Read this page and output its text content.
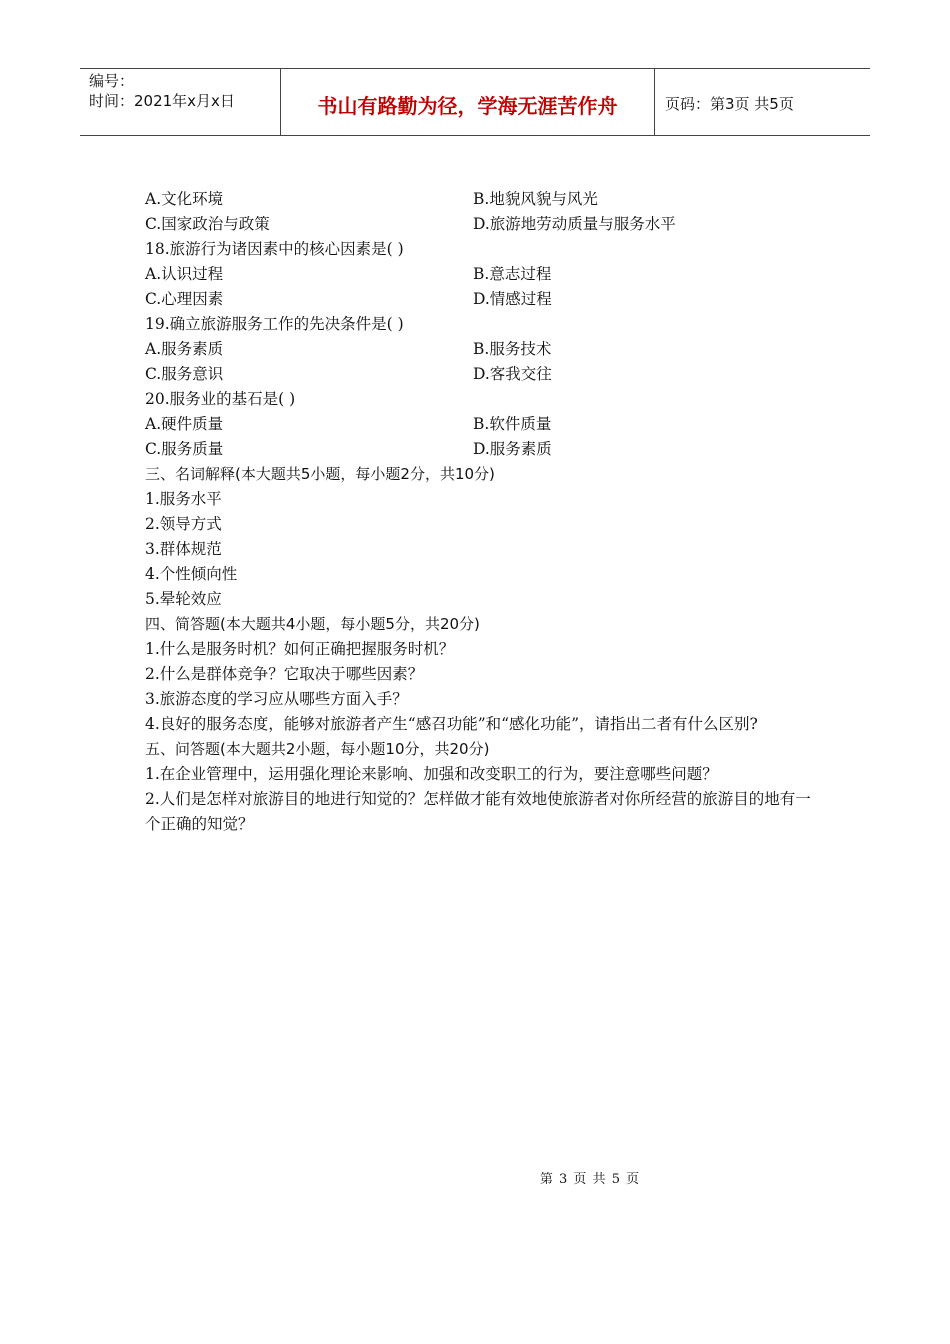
编号：
时间：2021年x月x日	书山有路勤为径，学海无涯苦作舟	页码：第3页 共5页
A.文化环境	B.地貌风貌与风光
C.国家政治与政策	D.旅游地劳动质量与服务水平
18.旅游行为诸因素中的核心因素是( )
A.认识过程	B.意志过程
C.心理因素	D.情感过程
19.确立旅游服务工作的先决条件是( )
A.服务素质	B.服务技术
C.服务意识	D.客我交往
20.服务业的基石是( )
A.硬件质量	B.软件质量
C.服务质量	D.服务素质
三、名词解释(本大题共5小题，每小题2分，共10分)
1.服务水平
2.领导方式
3.群体规范
4.个性倾向性
5.晕轮效应
四、简答题(本大题共4小题，每小题5分，共20分)
1.什么是服务时机？如何正确把握服务时机？
2.什么是群体竞争？它取决于哪些因素？
3.旅游态度的学习应从哪些方面入手？
4.良好的服务态度，能够对旅游者产生“感召功能”和“感化功能”，请指出二者有什么区别?
五、问答题(本大题共2小题，每小题10分，共20分)
1.在企业管理中，运用强化理论来影响、加强和改变职工的行为，要注意哪些问题？
2.人们是怎样对旅游目的地进行知觉的？怎样做才能有效地使旅游者对你所经营的旅游目的地有一个正确的知觉？
第 3 页 共 5 页
